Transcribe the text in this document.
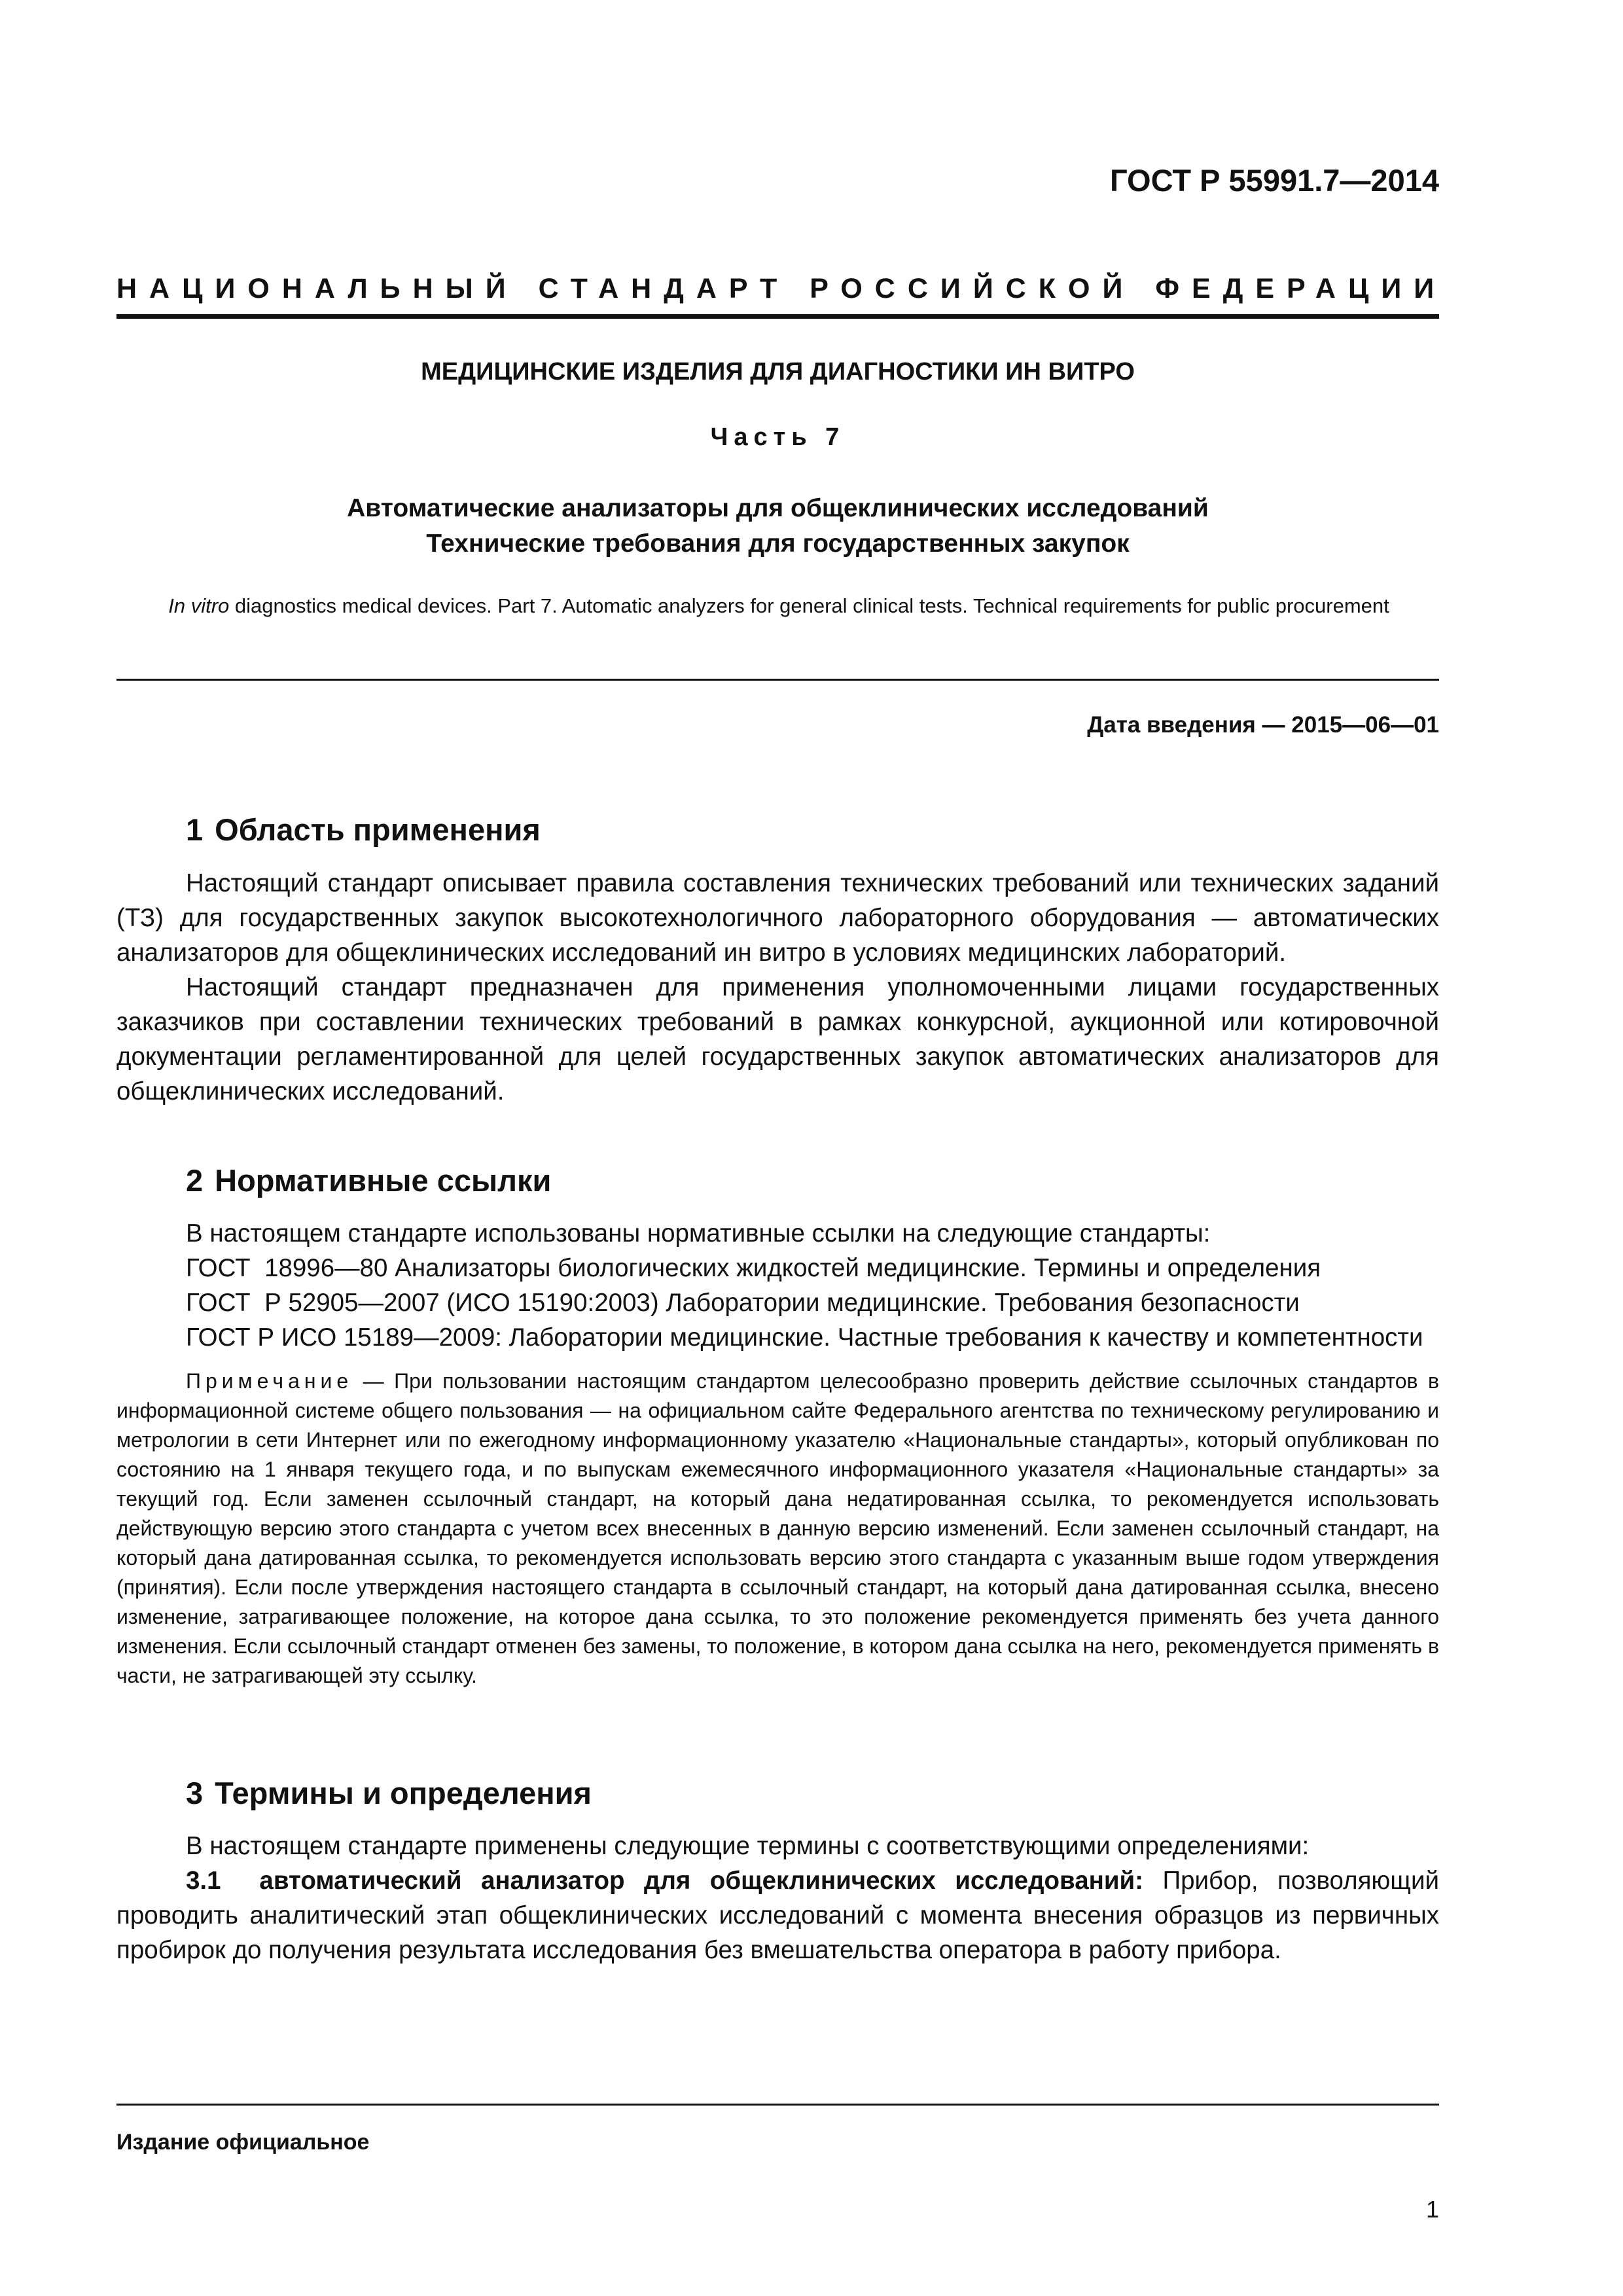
ГОСТ Р 55991.7—2014
НАЦИОНАЛЬНЫЙ СТАНДАРТ РОССИЙСКОЙ ФЕДЕРАЦИИ
МЕДИЦИНСКИЕ ИЗДЕЛИЯ ДЛЯ ДИАГНОСТИКИ ИН ВИТРО
Часть 7
Автоматические анализаторы для общеклинических исследований
Технические требования для государственных закупок
In vitro diagnostics medical devices. Part 7. Automatic analyzers for general clinical tests. Technical requirements for public procurement
Дата введения — 2015—06—01
1 Область применения

Настоящий стандарт описывает правила составления технических требований или технических заданий (ТЗ) для государственных закупок высокотехнологичного лабораторного оборудования — автоматических анализаторов для общеклинических исследований ин витро в условиях медицинских лабораторий.

Настоящий стандарт предназначен для применения уполномоченными лицами государственных заказчиков при составлении технических требований в рамках конкурсной, аукционной или котировочной документации регламентированной для целей государственных закупок автоматических анализаторов для общеклинических исследований.

2 Нормативные ссылки

В настоящем стандарте использованы нормативные ссылки на следующие стандарты:

ГОСТ  18996—80 Анализаторы биологических жидкостей медицинские. Термины и определения

ГОСТ  Р 52905—2007 (ИСО 15190:2003) Лаборатории медицинские. Требования безопасности

ГОСТ Р ИСО 15189—2009: Лаборатории медицинские. Частные требования к качеству и компетентности

Примечание — При пользовании настоящим стандартом целесообразно проверить действие ссылочных стандартов в информационной системе общего пользования — на официальном сайте Федерального агентства по техническому регулированию и метрологии в сети Интернет или по ежегодному информационному указателю «Национальные стандарты», который опубликован по состоянию на 1 января текущего года, и по выпускам ежемесячного информационного указателя «Национальные стандарты» за текущий год. Если заменен ссылочный стандарт, на который дана недатированная ссылка, то рекомендуется использовать действующую версию этого стандарта с учетом всех внесенных в данную версию изменений. Если заменен ссылочный стандарт, на который дана датированная ссылка, то рекомендуется использовать версию этого стандарта с указанным выше годом утверждения (принятия). Если после утверждения настоящего стандарта в ссылочный стандарт, на который дана датированная ссылка, внесено изменение, затрагивающее положение, на которое дана ссылка, то это положение рекомендуется применять без учета данного изменения. Если ссылочный стандарт отменен без замены, то положение, в котором дана ссылка на него, рекомендуется применять в части, не затрагивающей эту ссылку.

3 Термины и определения

В настоящем стандарте применены следующие термины с соответствующими определениями:

3.1 автоматический анализатор для общеклинических исследований: Прибор, позволяющий проводить аналитический этап общеклинических исследований с момента внесения образцов из первичных пробирок до получения результата исследования без вмешательства оператора в работу прибора.

Издание официальное
1
